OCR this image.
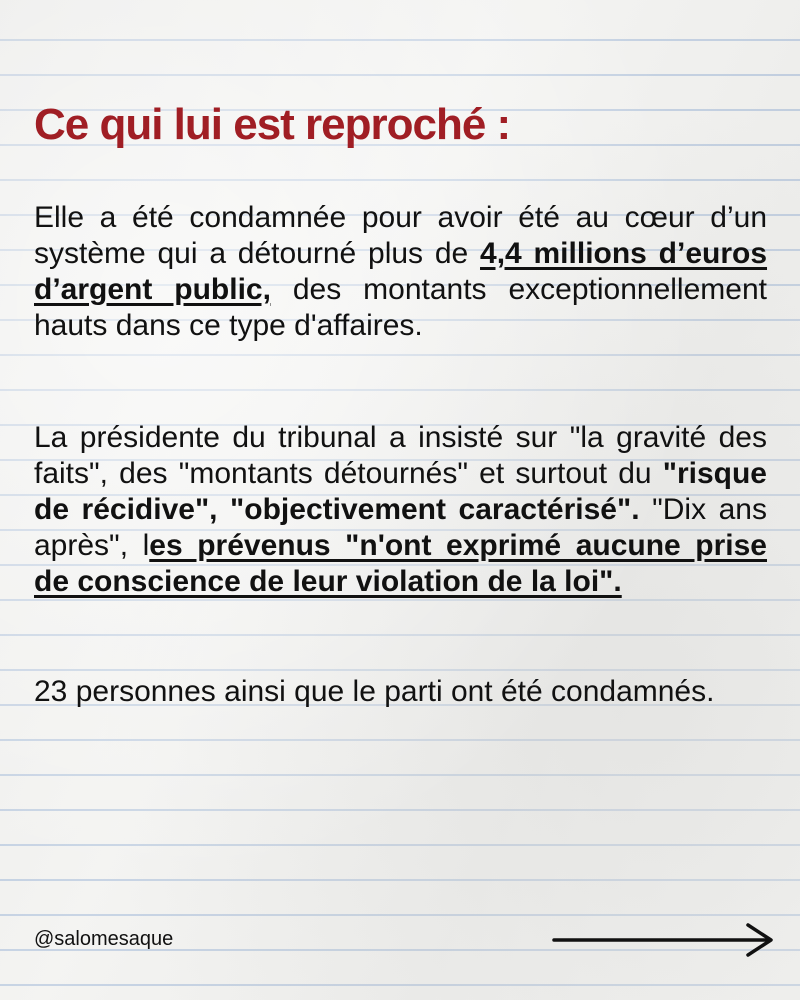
Ce qui lui est reproché :

Elle a été condamnée pour avoir été au cœur d’un système qui a détourné plus de 4,4 millions d’euros d’argent public, des montants exceptionnellement hauts dans ce type d'affaires.

La présidente du tribunal a insisté sur "la gravité des faits", des "montants détournés" et surtout du "risque de récidive", "objectivement caractérisé". "Dix ans après", les prévenus "n'ont exprimé aucune prise de conscience de leur violation de la loi".

23 personnes ainsi que le parti ont été condamnés.

@salomesaque
